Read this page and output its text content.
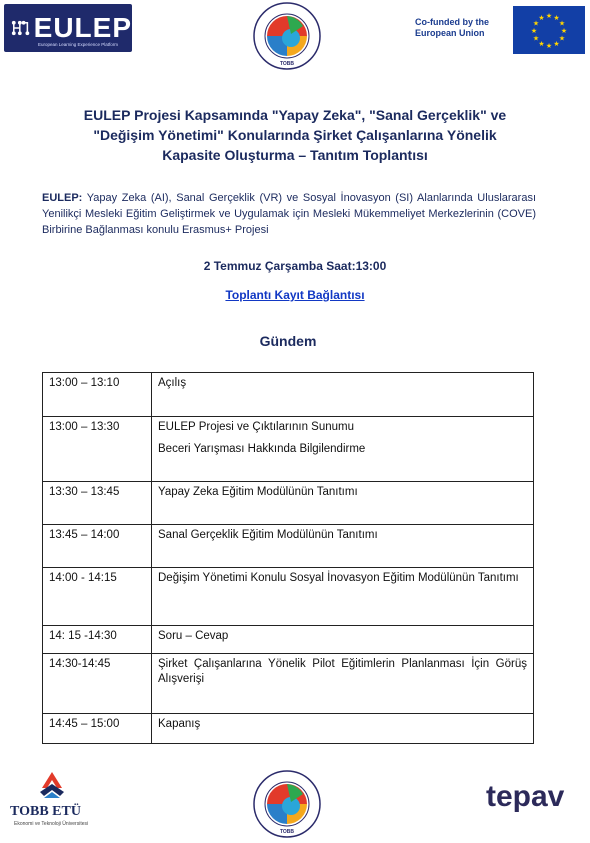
EULEP
European Learning Experience Platform
TOBB
Co-funded by the
European Union
★ ★
★
★
★
★
★
★
★
★
★
★
EULEP Projesi Kapsamında "Yapay Zeka", "Sanal Gerçeklik" ve
"Değişim Yönetimi" Konularında Şirket Çalışanlarına Yönelik
Kapasite Oluşturma – Tanıtım Toplantısı
EULEP: Yapay Zeka (AI), Sanal Gerçeklik (VR) ve Sosyal İnovasyon (SI) Alanlarında Uluslararası Yenilikçi Mesleki Eğitim Geliştirmek ve Uygulamak için Mesleki Mükemmeliyet Merkezlerinin (COVE) Birbirine Bağlanması konulu Erasmus+ Projesi
2 Temmuz Çarşamba Saat:13:00
Toplantı Kayıt Bağlantısı
Gündem
13:00 – 13:10	Açılış

13:00 – 13:30	EULEP Projesi ve Çıktılarının Sunumu
Beceri Yarışması Hakkında Bilgilendirme

13:30 – 13:45	Yapay Zeka Eğitim Modülünün Tanıtımı

13:45 – 14:00	Sanal Gerçeklik Eğitim Modülünün Tanıtımı

14:00 - 14:15	Değişim Yönetimi Konulu Sosyal İnovasyon Eğitim Modülünün Tanıtımı

14: 15 -14:30	Soru – Cevap

14:30-14:45	Şirket Çalışanlarına Yönelik Pilot Eğitimlerin Planlanması İçin Görüş Alışverişi

14:45 – 15:00	Kapanış
TOBB ETÜ
Ekonomi ve Teknoloji Üniversitesi
TOBB
tepav
